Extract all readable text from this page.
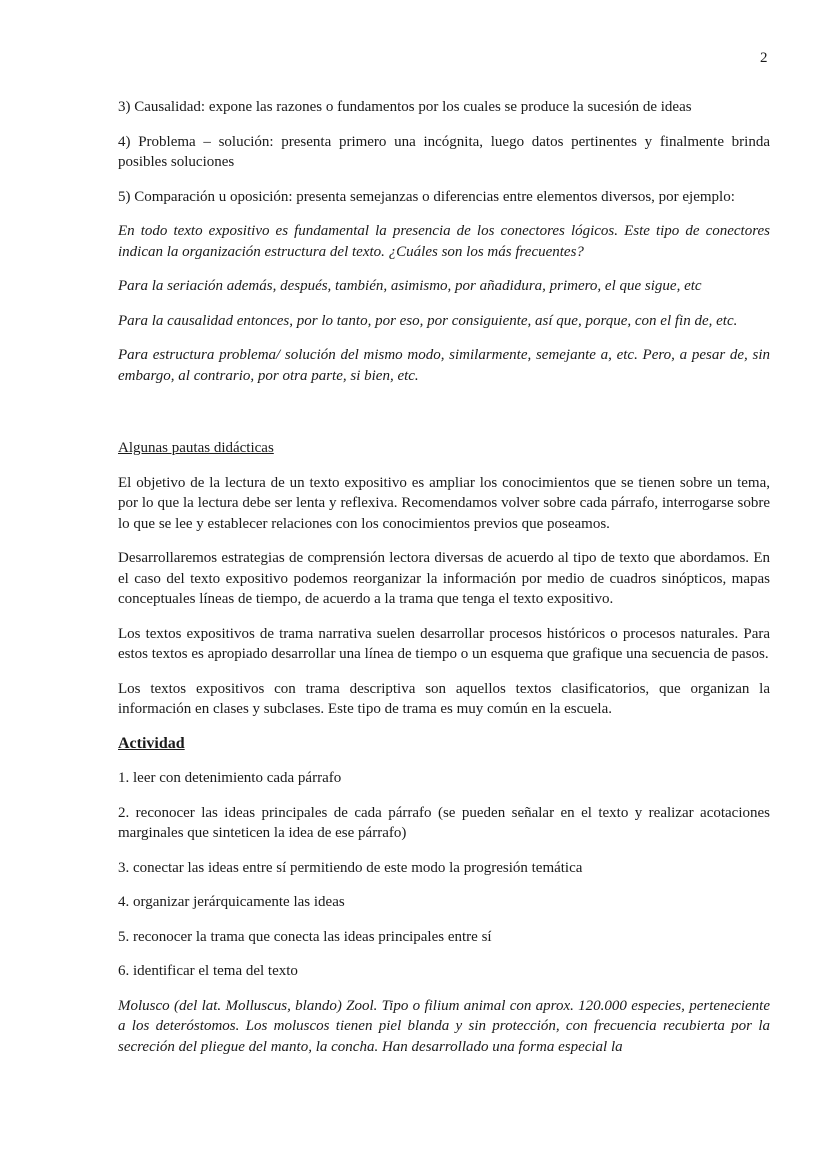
2

3) Causalidad: expone las razones o fundamentos por los cuales se produce la sucesión de ideas

4) Problema – solución: presenta primero una incógnita, luego datos pertinentes y finalmente brinda posibles soluciones

5) Comparación u oposición: presenta semejanzas o diferencias entre elementos diversos, por ejemplo:

En todo texto expositivo es fundamental la presencia de los conectores lógicos. Este tipo de conectores indican la organización estructura del texto. ¿Cuáles son los más frecuentes?

Para la seriación además, después, también, asimismo, por añadidura, primero, el que sigue, etc

Para la causalidad entonces, por lo tanto, por eso, por consiguiente, así que, porque, con el fin de, etc.

Para estructura problema/ solución del mismo modo, similarmente, semejante a, etc. Pero, a pesar de, sin embargo, al contrario, por otra parte, si bien, etc.

Algunas pautas didácticas

El objetivo de la lectura de un texto expositivo es ampliar los conocimientos que se tienen sobre un tema, por lo que la lectura debe ser lenta y reflexiva. Recomendamos volver sobre cada párrafo, interrogarse sobre lo que se lee y establecer relaciones con los conocimientos previos que poseamos.

Desarrollaremos estrategias de comprensión lectora diversas de acuerdo al tipo de texto que abordamos. En el caso del texto expositivo podemos reorganizar la información por medio de cuadros sinópticos, mapas conceptuales líneas de tiempo, de acuerdo a la trama que tenga el texto expositivo.

Los textos expositivos de trama narrativa suelen desarrollar procesos históricos o procesos naturales. Para estos textos es apropiado desarrollar una línea de tiempo o un esquema que grafique una secuencia de pasos.

Los textos expositivos con trama descriptiva son aquellos textos clasificatorios, que organizan la información en clases y subclases. Este tipo de trama es muy común en la escuela.

Actividad

1. leer con detenimiento cada párrafo

2. reconocer las ideas principales de cada párrafo (se pueden señalar en el texto y realizar acotaciones marginales que sinteticen la idea de ese párrafo)

3. conectar las ideas entre sí permitiendo de este modo la progresión temática

4. organizar jerárquicamente las ideas

5. reconocer la trama que conecta las ideas principales entre sí

6. identificar el tema del texto

Molusco (del lat. Molluscus, blando) Zool. Tipo o filium animal con aprox. 120.000 especies, perteneciente a los deteróstomos. Los moluscos tienen piel blanda y sin protección, con frecuencia recubierta por la secreción del pliegue del manto, la concha. Han desarrollado una forma especial la
